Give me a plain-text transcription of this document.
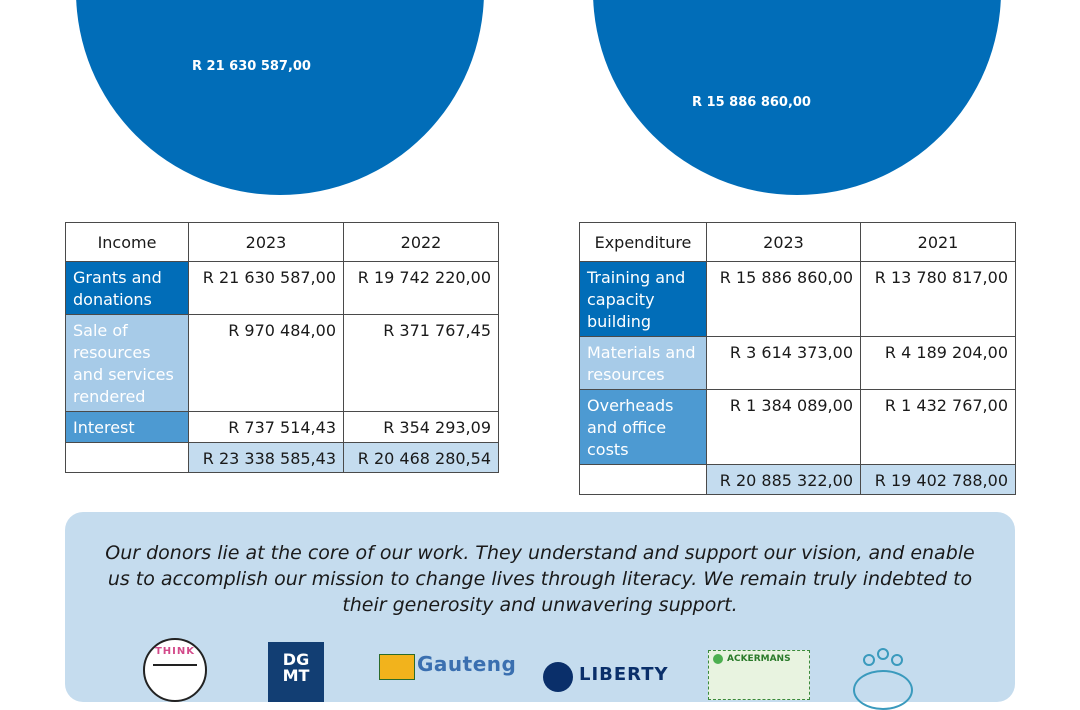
R 21 630 587,00
R 15 886 860,00
Income	2023	2022
Grants and donations	R 21 630 587,00	R 19 742 220,00
Sale of resources and services rendered	R 970 484,00	R 371 767,45
Interest	R 737 514,43	R 354 293,09
	R 23 338 585,43	R 20 468 280,54
Expenditure	2023	2021
Training and capacity building	R 15 886 860,00	R 13 780 817,00
Materials and resources	R 3 614 373,00	R 4 189 204,00
Overheads and office costs	R 1 384 089,00	R 1 432 767,00
	R 20 885 322,00	R 19 402 788,00
Our donors lie at the core of our work. They understand and support our vision, and enable us to accomplish our mission to change lives through literacy. We remain truly indebted to their generosity and unwavering support.
THINK	DG MT	Gauteng	LIBERTY
ACKERMANS
